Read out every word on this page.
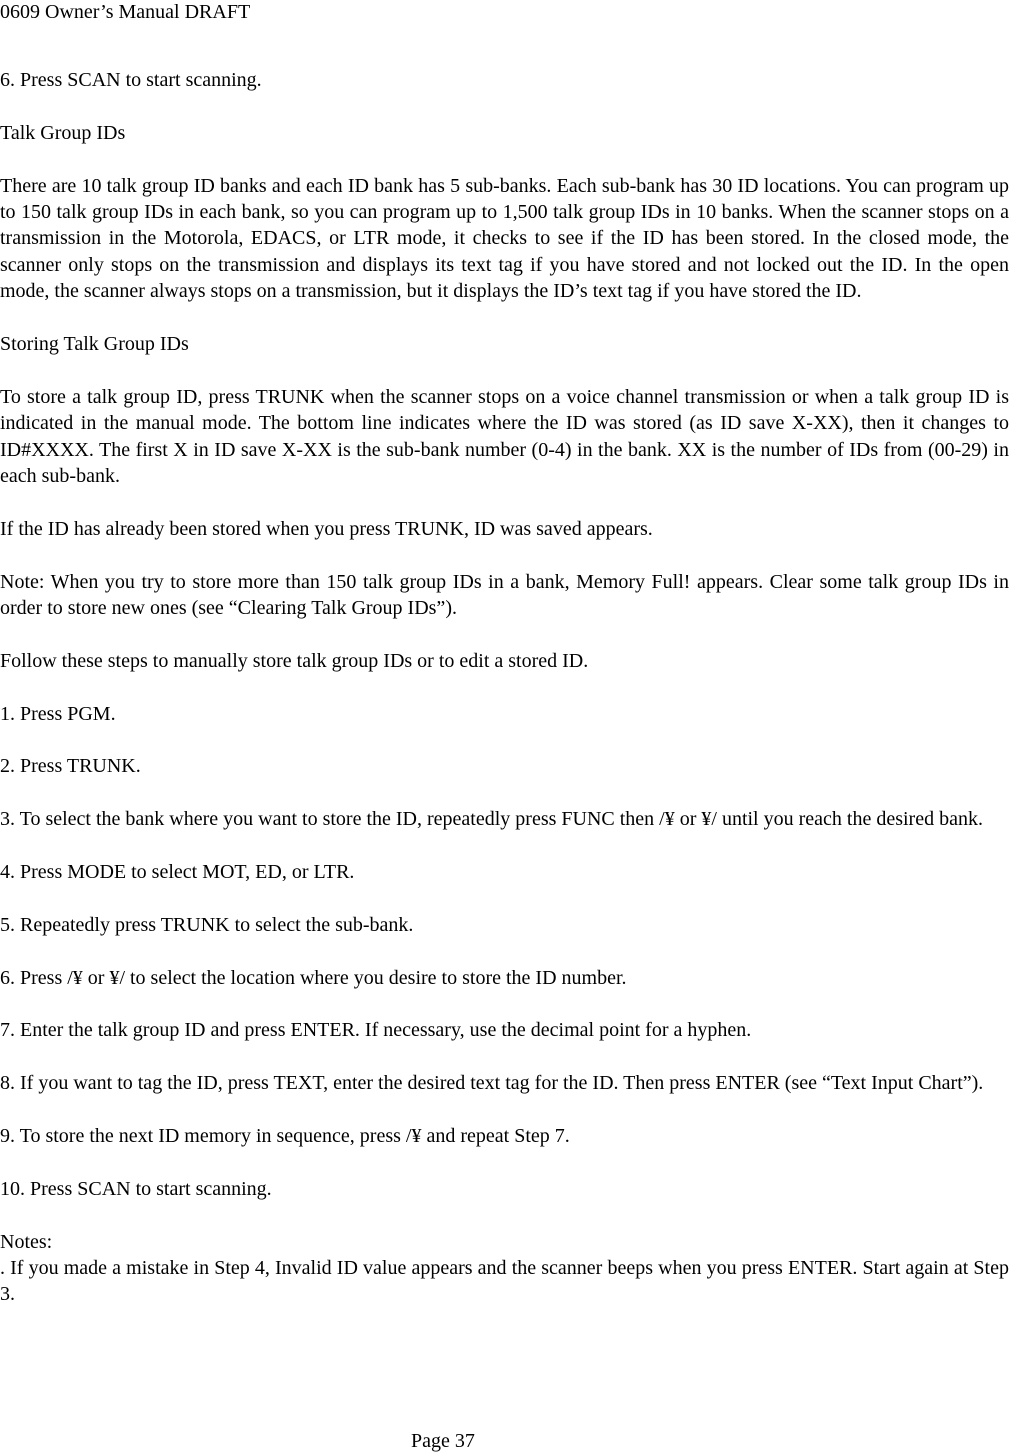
0609 Owner’s Manual DRAFT

6. Press SCAN to start scanning.

Talk Group IDs

There are 10 talk group ID banks and each ID bank has 5 sub-banks. Each sub-bank has 30 ID locations. You can program up to 150 talk group IDs in each bank, so you can program up to 1,500 talk group IDs in 10 banks. When the scanner stops on a transmission in the Motorola, EDACS, or LTR mode, it checks to see if the ID has been stored. In the closed mode, the scanner only stops on the transmission and displays its text tag if you have stored and not locked out the ID. In the open mode, the scanner always stops on a transmission, but it displays the ID’s text tag if you have stored the ID.

Storing Talk Group IDs

To store a talk group ID, press TRUNK when the scanner stops on a voice channel transmission or when a talk group ID is indicated in the manual mode. The bottom line indicates where the ID was stored (as ID save X-XX), then it changes to ID#XXXX. The first X in ID save X-XX is the sub-bank number (0-4) in the bank. XX is the number of IDs from (00-29) in each sub-bank.

If the ID has already been stored when you press TRUNK, ID was saved appears.

Note: When you try to store more than 150 talk group IDs in a bank, Memory Full! appears. Clear some talk group IDs in order to store new ones (see “Clearing Talk Group IDs”).

Follow these steps to manually store talk group IDs or to edit a stored ID.

1. Press PGM.

2. Press TRUNK.

3. To select the bank where you want to store the ID, repeatedly press FUNC then /¥ or ¥/ until you reach the desired bank.

4. Press MODE to select MOT, ED, or LTR.

5. Repeatedly press TRUNK to select the sub-bank.

6. Press /¥ or ¥/ to select the location where you desire to store the ID number.

7. Enter the talk group ID and press ENTER. If necessary, use the decimal point for a hyphen.

8. If you want to tag the ID, press TEXT, enter the desired text tag for the ID. Then press ENTER (see “Text Input Chart”).

9. To store the next ID memory in sequence, press /¥ and repeat Step 7.

10. Press SCAN to start scanning.

Notes:

. If you made a mistake in Step 4, Invalid ID value appears and the scanner beeps when you press ENTER. Start again at Step 3.

Page 37
